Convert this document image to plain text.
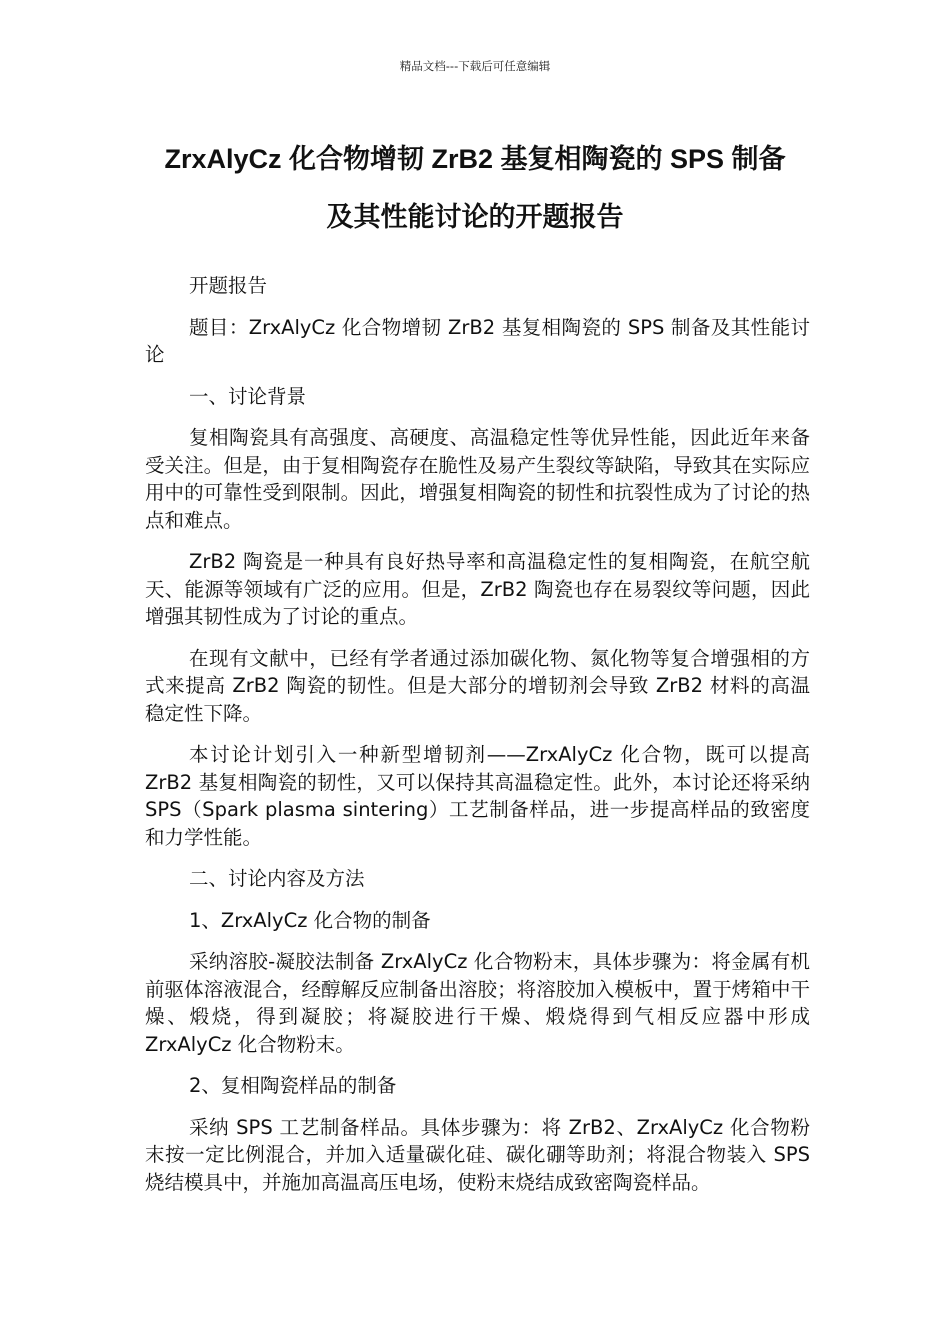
精品文档---下载后可任意编辑
ZrxAlyCz 化合物增韧 ZrB2 基复相陶瓷的 SPS 制备
及其性能讨论的开题报告

开题报告

题目：ZrxAlyCz 化合物增韧 ZrB2 基复相陶瓷的 SPS 制备及其性能讨论

一、讨论背景

复相陶瓷具有高强度、高硬度、高温稳定性等优异性能，因此近年来备受关注。但是，由于复相陶瓷存在脆性及易产生裂纹等缺陷，导致其在实际应用中的可靠性受到限制。因此，增强复相陶瓷的韧性和抗裂性成为了讨论的热点和难点。

ZrB2 陶瓷是一种具有良好热导率和高温稳定性的复相陶瓷，在航空航天、能源等领域有广泛的应用。但是，ZrB2 陶瓷也存在易裂纹等问题，因此增强其韧性成为了讨论的重点。

在现有文献中，已经有学者通过添加碳化物、氮化物等复合增强相的方式来提高 ZrB2 陶瓷的韧性。但是大部分的增韧剂会导致 ZrB2 材料的高温稳定性下降。

本讨论计划引入一种新型增韧剂——ZrxAlyCz 化合物，既可以提高 ZrB2 基复相陶瓷的韧性，又可以保持其高温稳定性。此外，本讨论还将采纳 SPS（Spark plasma sintering）工艺制备样品，进一步提高样品的致密度和力学性能。

二、讨论内容及方法

1、ZrxAlyCz 化合物的制备

采纳溶胶-凝胶法制备 ZrxAlyCz 化合物粉末，具体步骤为：将金属有机前驱体溶液混合，经醇解反应制备出溶胶；将溶胶加入模板中，置于烤箱中干燥、煅烧，得到凝胶；将凝胶进行干燥、煅烧得到气相反应器中形成 ZrxAlyCz 化合物粉末。

2、复相陶瓷样品的制备

采纳 SPS 工艺制备样品。具体步骤为：将 ZrB2、ZrxAlyCz 化合物粉末按一定比例混合，并加入适量碳化硅、碳化硼等助剂；将混合物装入 SPS 烧结模具中，并施加高温高压电场，使粉末烧结成致密陶瓷样品。
